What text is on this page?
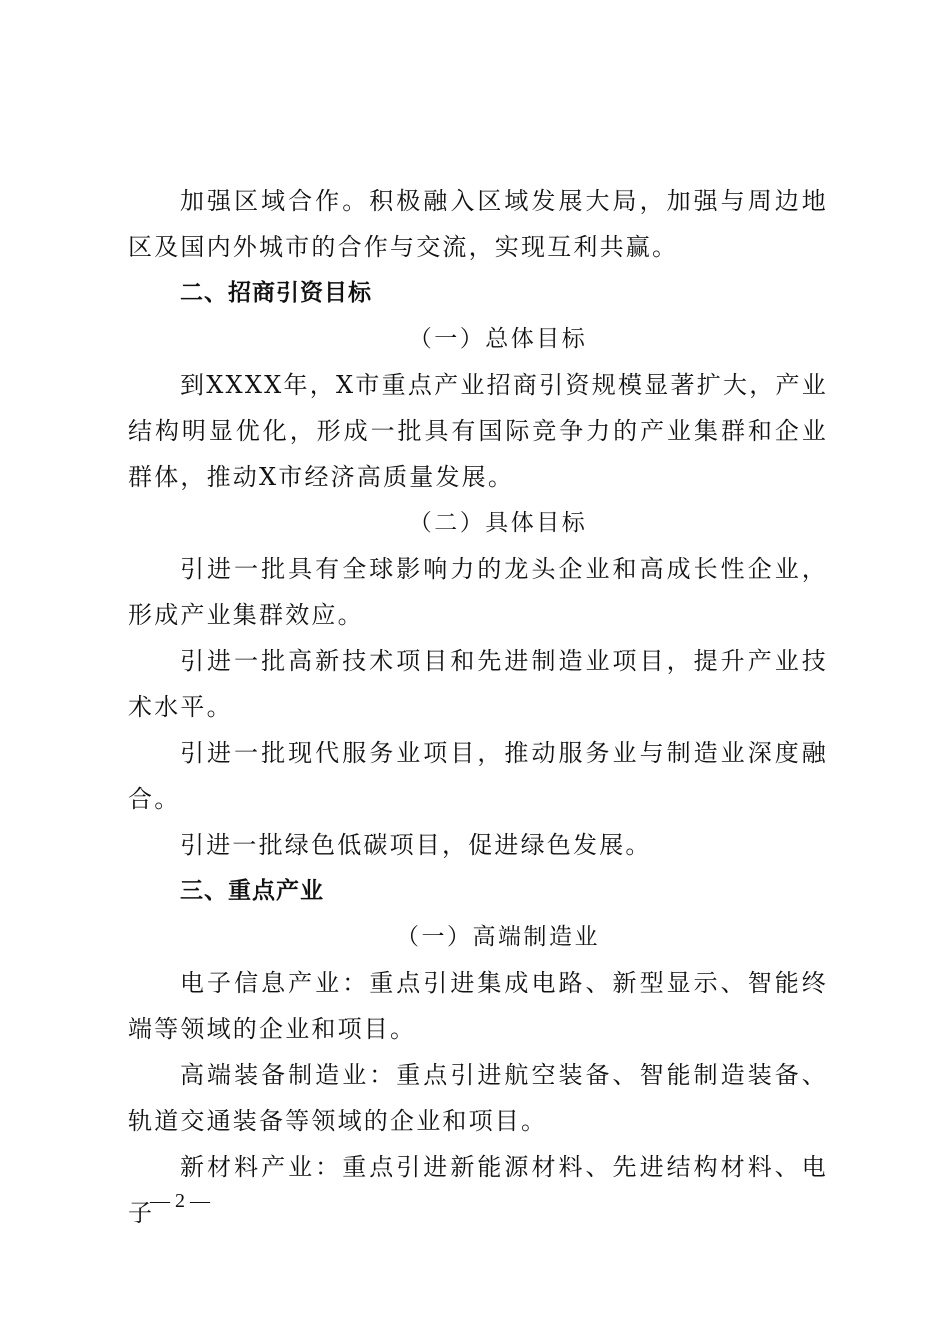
加强区域合作。积极融入区域发展大局，加强与周边地区及国内外城市的合作与交流，实现互利共赢。

二、招商引资目标

（一）总体目标

到XXXX年，X市重点产业招商引资规模显著扩大，产业结构明显优化，形成一批具有国际竞争力的产业集群和企业群体，推动X市经济高质量发展。

（二）具体目标

引进一批具有全球影响力的龙头企业和高成长性企业，形成产业集群效应。

引进一批高新技术项目和先进制造业项目，提升产业技术水平。

引进一批现代服务业项目，推动服务业与制造业深度融合。

引进一批绿色低碳项目，促进绿色发展。

三、重点产业

（一）高端制造业

电子信息产业：重点引进集成电路、新型显示、智能终端等领域的企业和项目。

高端装备制造业：重点引进航空装备、智能制造装备、轨道交通装备等领域的企业和项目。

新材料产业：重点引进新能源材料、先进结构材料、电子

— 2 —
